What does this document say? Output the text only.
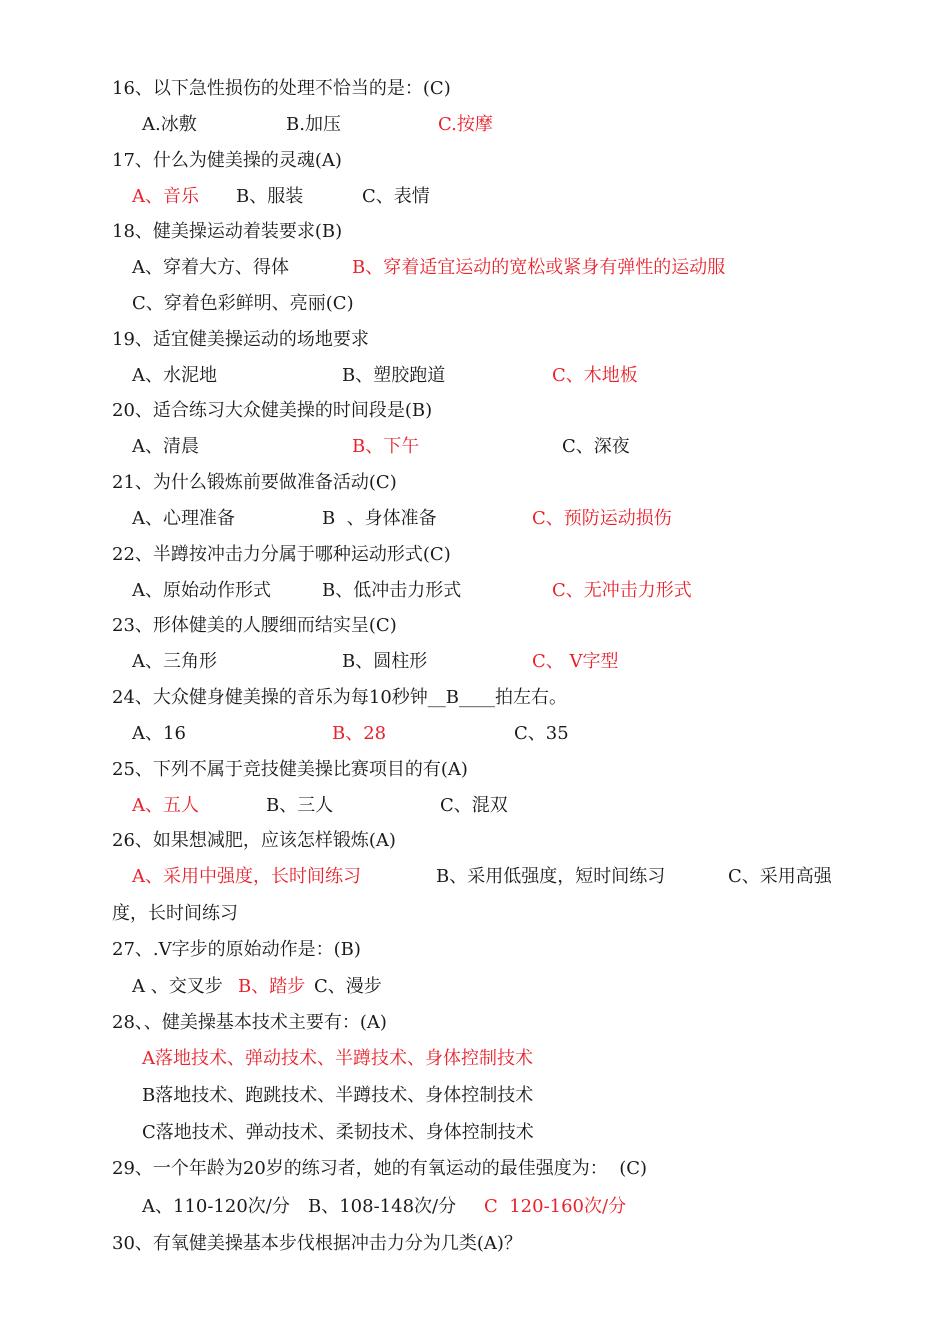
16、以下急性损伤的处理不恰当的是：(C)
A.冰敷	B.加压	C.按摩
17、什么为健美操的灵魂(A)
A、音乐 B、服装	C、表情
18、健美操运动着装要求(B)
A、穿着大方、得体	B、穿着适宜运动的宽松或紧身有弹性的运动服
C、穿着色彩鲜明、亮丽(C)
19、适宜健美操运动的场地要求
A、水泥地	B、塑胶跑道	C、木地板
20、适合练习大众健美操的时间段是(B)
A、清晨	B、下午	C、深夜
21、为什么锻炼前要做准备活动(C)
A、心理准备	B  、身体准备	C、预防运动损伤
22、半蹲按冲击力分属于哪种运动形式(C)
A、原始动作形式	B、低冲击力形式	C、无冲击力形式
23、形体健美的人腰细而结实呈(C)
A、三角形	B、圆柱形	C、 V字型
24、大众健身健美操的音乐为每10秒钟__B____拍左右。
A、16	B、28	C、35
25、下列不属于竞技健美操比赛项目的有(A)
A、五人	B、三人	C、混双
26、如果想减肥，应该怎样锻炼(A)
A、采用中强度，长时间练习	B、采用低强度，短时间练习	C、采用高强
度，长时间练习
27、.V字步的原始动作是：(B)
A 、交叉步 B、踏步 C、漫步
28、、健美操基本技术主要有：(A)
A落地技术、弹动技术、半蹲技术、身体控制技术
B落地技术、跑跳技术、半蹲技术、身体控制技术
C落地技术、弹动技术、柔韧技术、身体控制技术
29、一个年龄为20岁的练习者，她的有氧运动的最佳强度为：  (C)
A、110-120次/分 B、108-148次/分 C  120-160次/分
30、有氧健美操基本步伐根据冲击力分为几类(A)？
